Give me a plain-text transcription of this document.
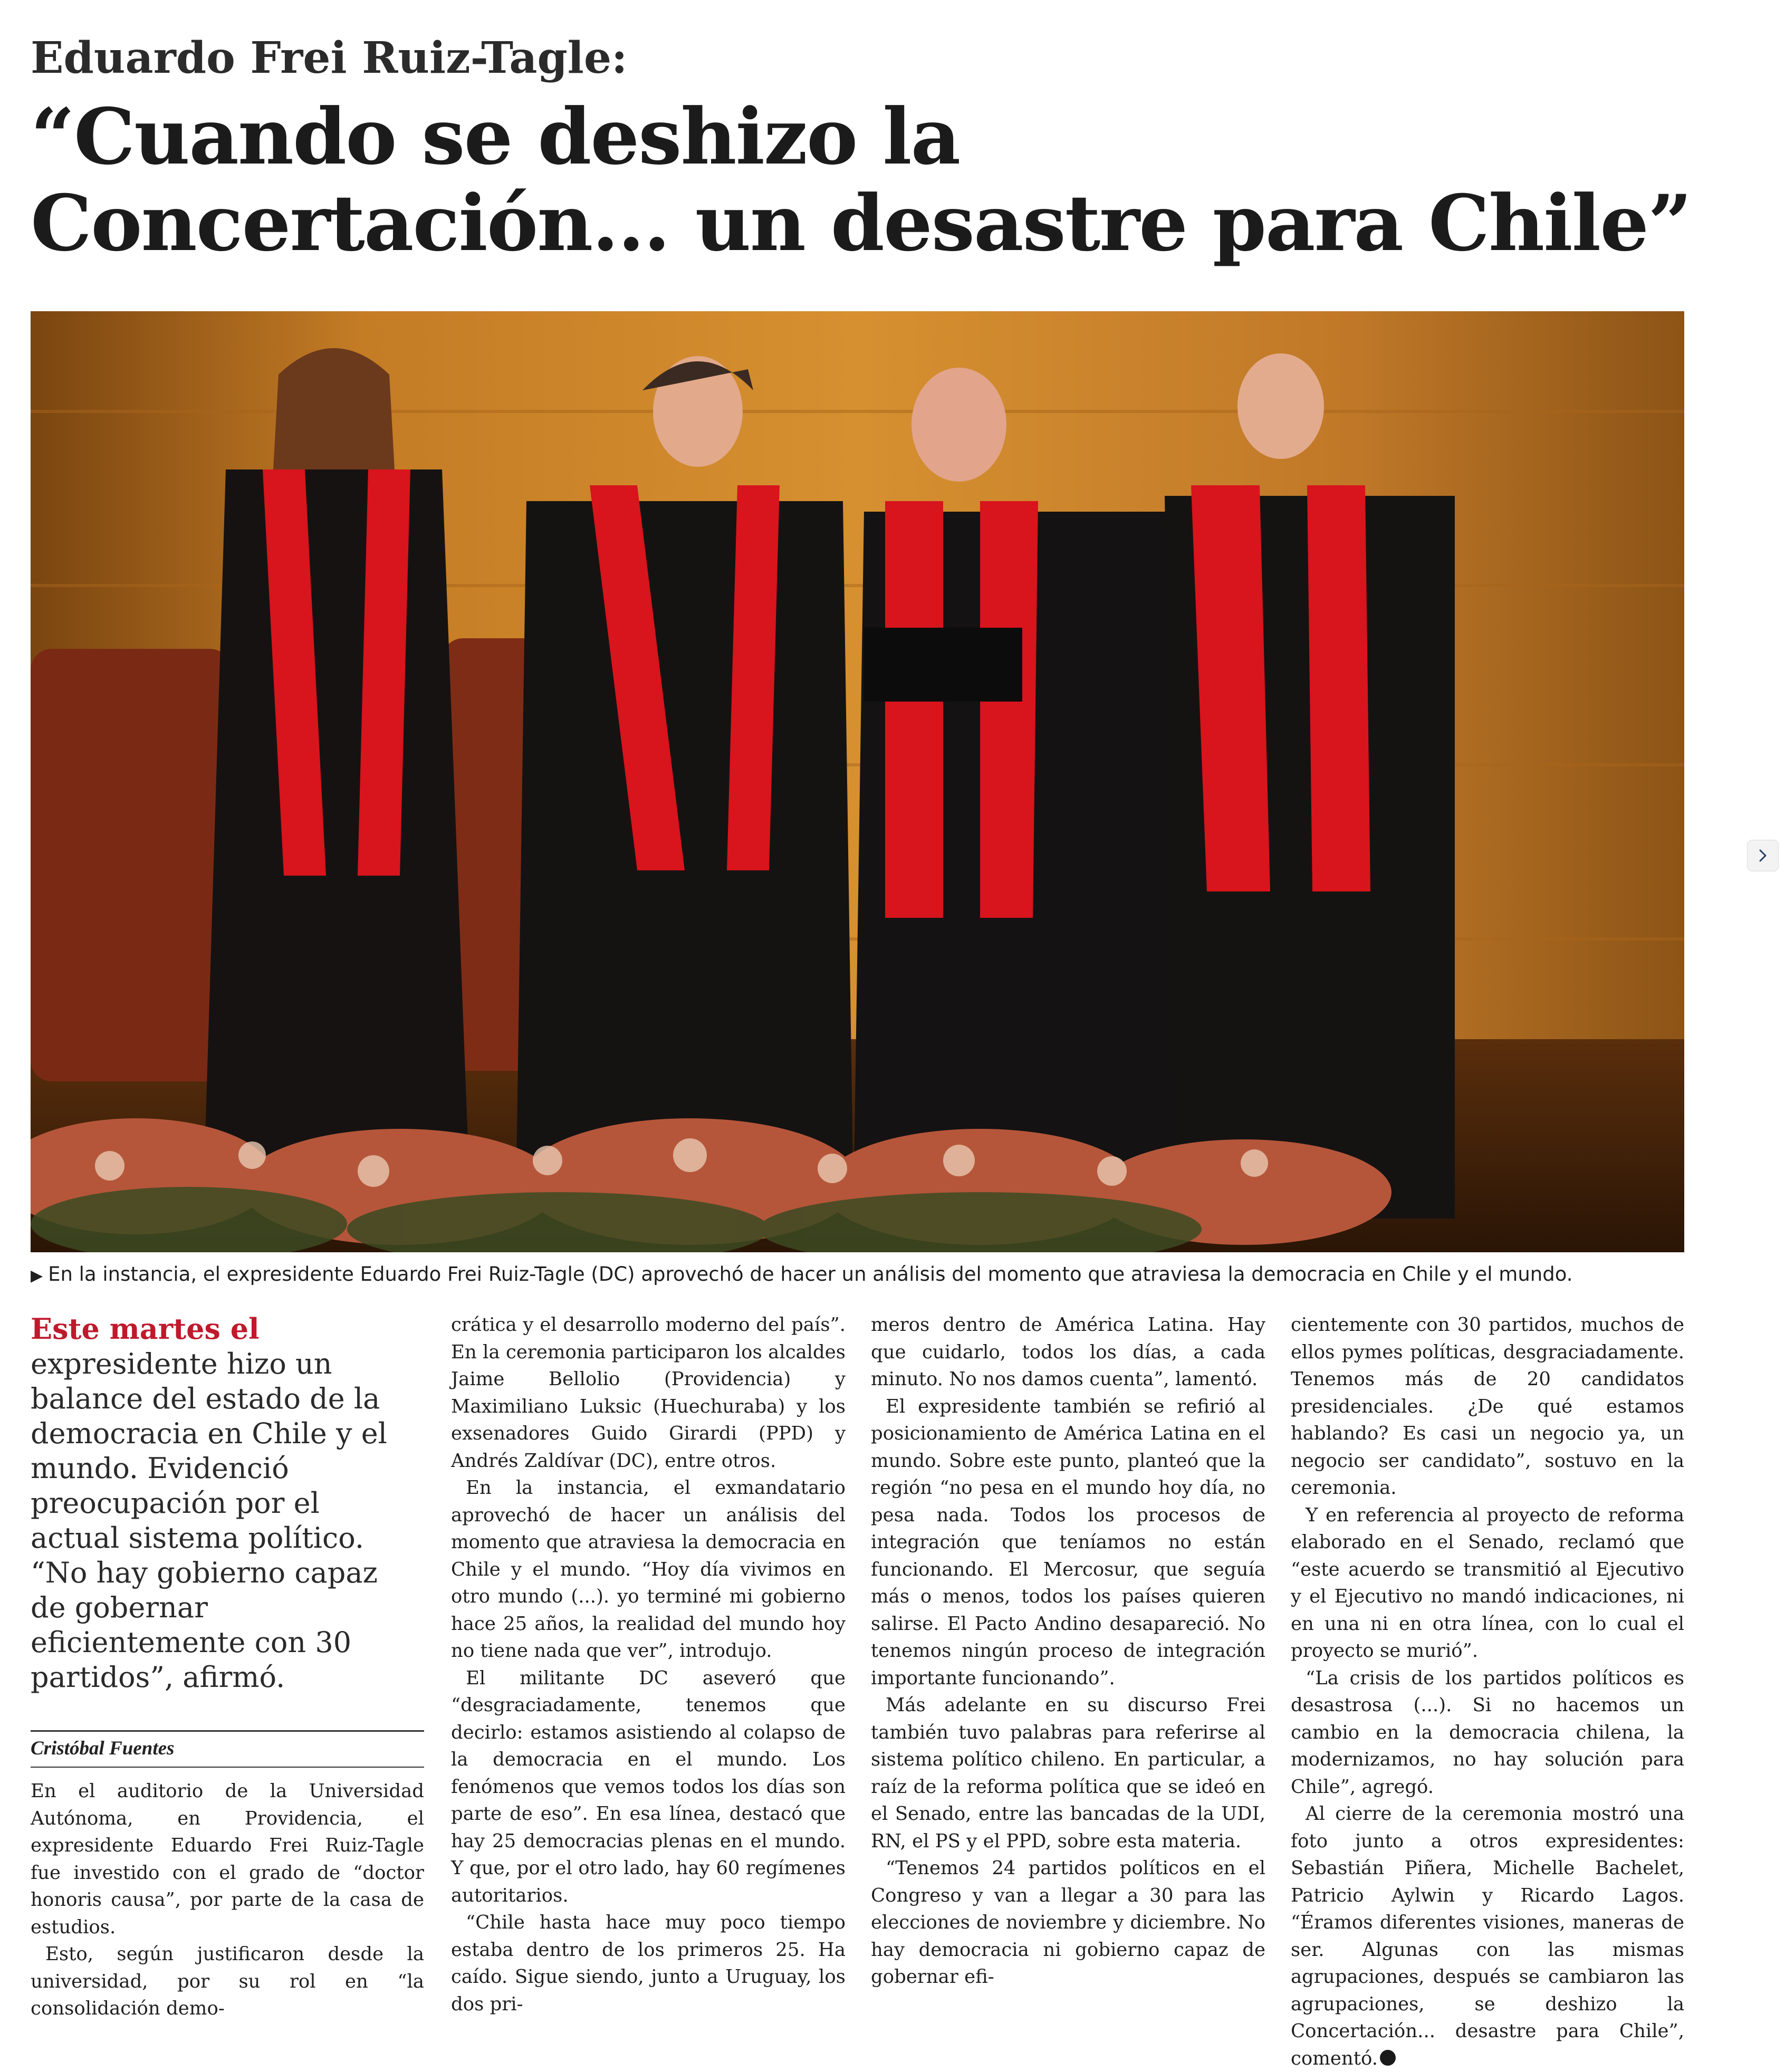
Eduardo Frei Ruiz-Tagle:
“Cuando se deshizo la
Concertación... un desastre para Chile”
▶ En la instancia, el expresidente Eduardo Frei Ruiz-Tagle (DC) aprovechó de hacer un análisis del momento que atraviesa la democracia en Chile y el mundo.
Este martes el expresidente hizo un balance del estado de la democracia en Chile y el mundo. Evidenció preocupación por el actual sistema político. “No hay gobierno capaz de gobernar eficientemente con 30 partidos”, afirmó.
Cristóbal Fuentes

En el auditorio de la Universidad Autónoma, en Providencia, el expresidente Eduardo Frei Ruiz-Tagle fue investido con el grado de “doctor honoris causa”, por parte de la casa de estudios.

Esto, según justificaron desde la universidad, por su rol en “la consolidación demo-

crática y el desarrollo moderno del país”. En la ceremonia participaron los alcaldes Jaime Bellolio (Providencia) y Maximiliano Luksic (Huechuraba) y los exsenadores Guido Girardi (PPD) y Andrés Zaldívar (DC), entre otros.

En la instancia, el exmandatario aprovechó de hacer un análisis del momento que atraviesa la democracia en Chile y el mundo. “Hoy día vivimos en otro mundo (...). yo terminé mi gobierno hace 25 años, la realidad del mundo hoy no tiene nada que ver”, introdujo.

El militante DC aseveró que “desgraciadamente, tenemos que decirlo: estamos asistiendo al colapso de la democracia en el mundo. Los fenómenos que vemos todos los días son parte de eso”. En esa línea, destacó que hay 25 democracias plenas en el mundo. Y que, por el otro lado, hay 60 regímenes autoritarios.

“Chile hasta hace muy poco tiempo estaba dentro de los primeros 25. Ha caído. Sigue siendo, junto a Uruguay, los dos pri-

meros dentro de América Latina. Hay que cuidarlo, todos los días, a cada minuto. No nos damos cuenta”, lamentó.

El expresidente también se refirió al posicionamiento de América Latina en el mundo. Sobre este punto, planteó que la región “no pesa en el mundo hoy día, no pesa nada. Todos los procesos de integración que teníamos no están funcionando. El Mercosur, que seguía más o menos, todos los países quieren salirse. El Pacto Andino desapareció. No tenemos ningún proceso de integración importante funcionando”.

Más adelante en su discurso Frei también tuvo palabras para referirse al sistema político chileno. En particular, a raíz de la reforma política que se ideó en el Senado, entre las bancadas de la UDI, RN, el PS y el PPD, sobre esta materia.

“Tenemos 24 partidos políticos en el Congreso y van a llegar a 30 para las elecciones de noviembre y diciembre. No hay democracia ni gobierno capaz de gobernar efi-

cientemente con 30 partidos, muchos de ellos pymes políticas, desgraciadamente. Tenemos más de 20 candidatos presidenciales. ¿De qué estamos hablando? Es casi un negocio ya, un negocio ser candidato”, sostuvo en la ceremonia.

Y en referencia al proyecto de reforma elaborado en el Senado, reclamó que “este acuerdo se transmitió al Ejecutivo y el Ejecutivo no mandó indicaciones, ni en una ni en otra línea, con lo cual el proyecto se murió”.

“La crisis de los partidos políticos es desastrosa (...). Si no hacemos un cambio en la democracia chilena, la modernizamos, no hay solución para Chile”, agregó.

Al cierre de la ceremonia mostró una foto junto a otros expresidentes: Sebastián Piñera, Michelle Bachelet, Patricio Aylwin y Ricardo Lagos. “Éramos diferentes visiones, maneras de ser. Algunas con las mismas agrupaciones, después se cambiaron las agrupaciones, se deshizo la Concertación... desastre para Chile”, comentó.
